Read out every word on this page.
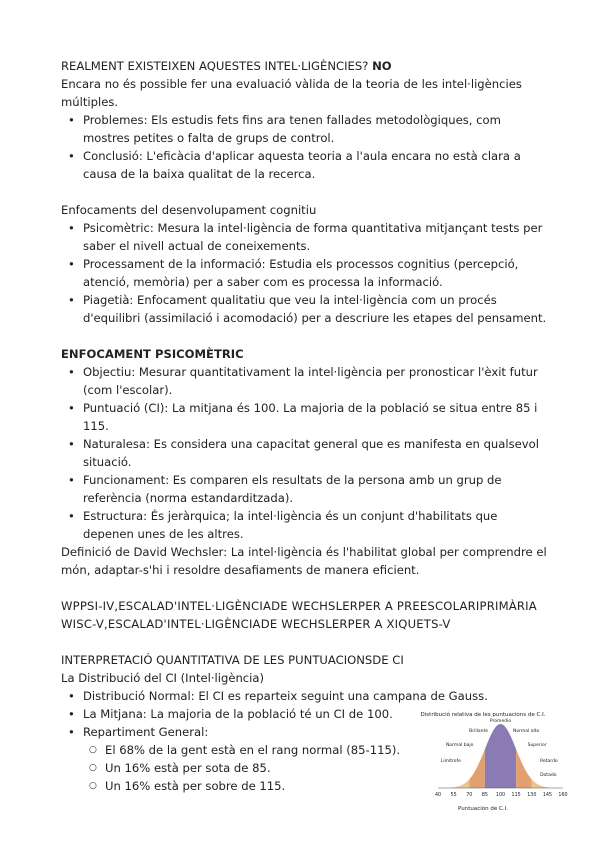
REALMENT EXISTEIXEN AQUESTES INTEL·LIGÈNCIES? NO

Encara no és possible fer una evaluació vàlida de la teoria de les intel·ligències múltiples.

• Problemes: Els estudis fets fins ara tenen fallades metodològiques, com mostres petites o falta de grups de control.
• Conclusió: L'eficàcia d'aplicar aquesta teoria a l'aula encara no està clara a causa de la baixa qualitat de la recerca.

Enfocaments del desenvolupament cognitiu

• Psicomètric: Mesura la intel·ligència de forma quantitativa mitjançant tests per saber el nivell actual de coneixements.
• Processament de la informació: Estudia els processos cognitius (percepció, atenció, memòria) per a saber com es processa la informació.
• Piagetià: Enfocament qualitatiu que veu la intel·ligència com un procés d'equilibri (assimilació i acomodació) per a descriure les etapes del pensament.

ENFOCAMENT PSICOMÈTRIC

• Objectiu: Mesurar quantitativament la intel·ligència per pronosticar l'èxit futur (com l'escolar).
• Puntuació (CI): La mitjana és 100. La majoria de la població se situa entre 85 i 115.
• Naturalesa: Es considera una capacitat general que es manifesta en qualsevol situació.
• Funcionament: Es comparen els resultats de la persona amb un grup de referència (norma estandarditzada).
• Estructura: És jeràrquica; la intel·ligència és un conjunt d'habilitats que depenen unes de les altres.

Definició de David Wechsler: La intel·ligència és l'habilitat global per comprendre el món, adaptar-s'hi i resoldre desafiaments de manera eficient.

WPPSI-IV,ESCALAD'INTEL·LIGÈNCIADE WECHSLERPER A PREESCOLARIPRIMÀRIA

WISC-V,ESCALAD'INTEL·LIGÈNCIADE WECHSLERPER A XIQUETS-V

INTERPRETACIÓ QUANTITATIVA DE LES PUNTUACIONSDE CI

La Distribució del CI (Intel·ligència)

• Distribució Normal: El CI es reparteix seguint una campana de Gauss.
• La Mitjana: La majoria de la població té un CI de 100.
• Repartiment General:
○ El 68% de la gent està en el rang normal (85-115).
○ Un 16% està per sota de 85.
○ Un 16% està per sobre de 115.
Distribució relativa de les puntuacions de C.I.
Promedio
Brillante	Normal alto
Normal bajo	Superior
Limítrofe	Retardo
Dotado
40 55 70 85 100 115 130 145 160
Puntuación de C.I.
